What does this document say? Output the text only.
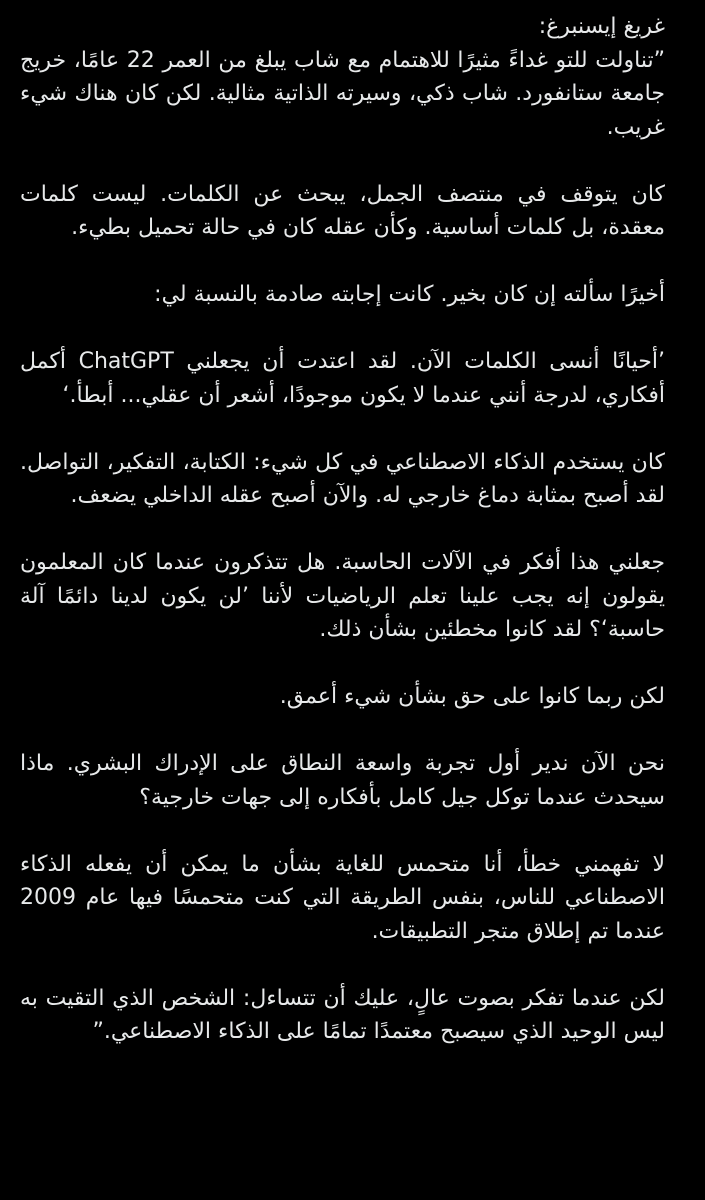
غريغ إيسنبرغ:

”تناولت للتو غداءً مثيرًا للاهتمام مع شاب يبلغ من العمر 22 عامًا، خريج جامعة ستانفورد. شاب ذكي، وسيرته الذاتية مثالية. لكن كان هناك شيء غريب.

كان يتوقف في منتصف الجمل، يبحث عن الكلمات. ليست كلمات معقدة، بل كلمات أساسية. وكأن عقله كان في حالة تحميل بطيء.

أخيرًا سألته إن كان بخير. كانت إجابته صادمة بالنسبة لي:

’أحيانًا أنسى الكلمات الآن. لقد اعتدت أن يجعلني ChatGPT أكمل أفكاري، لدرجة أنني عندما لا يكون موجودًا، أشعر أن عقلي... أبطأ.‘

كان يستخدم الذكاء الاصطناعي في كل شيء: الكتابة، التفكير، التواصل. لقد أصبح بمثابة دماغ خارجي له. والآن أصبح عقله الداخلي يضعف.

جعلني هذا أفكر في الآلات الحاسبة. هل تتذكرون عندما كان المعلمون يقولون إنه يجب علينا تعلم الرياضيات لأننا ’لن يكون لدينا دائمًا آلة حاسبة‘؟ لقد كانوا مخطئين بشأن ذلك.

لكن ربما كانوا على حق بشأن شيء أعمق.

نحن الآن ندير أول تجربة واسعة النطاق على الإدراك البشري. ماذا سيحدث عندما توكل جيل كامل بأفكاره إلى جهات خارجية؟

لا تفهمني خطأ، أنا متحمس للغاية بشأن ما يمكن أن يفعله الذكاء الاصطناعي للناس، بنفس الطريقة التي كنت متحمسًا فيها عام 2009 عندما تم إطلاق متجر التطبيقات.

لكن عندما تفكر بصوت عالٍ، عليك أن تتساءل: الشخص الذي التقيت به ليس الوحيد الذي سيصبح معتمدًا تمامًا على الذكاء الاصطناعي.”
